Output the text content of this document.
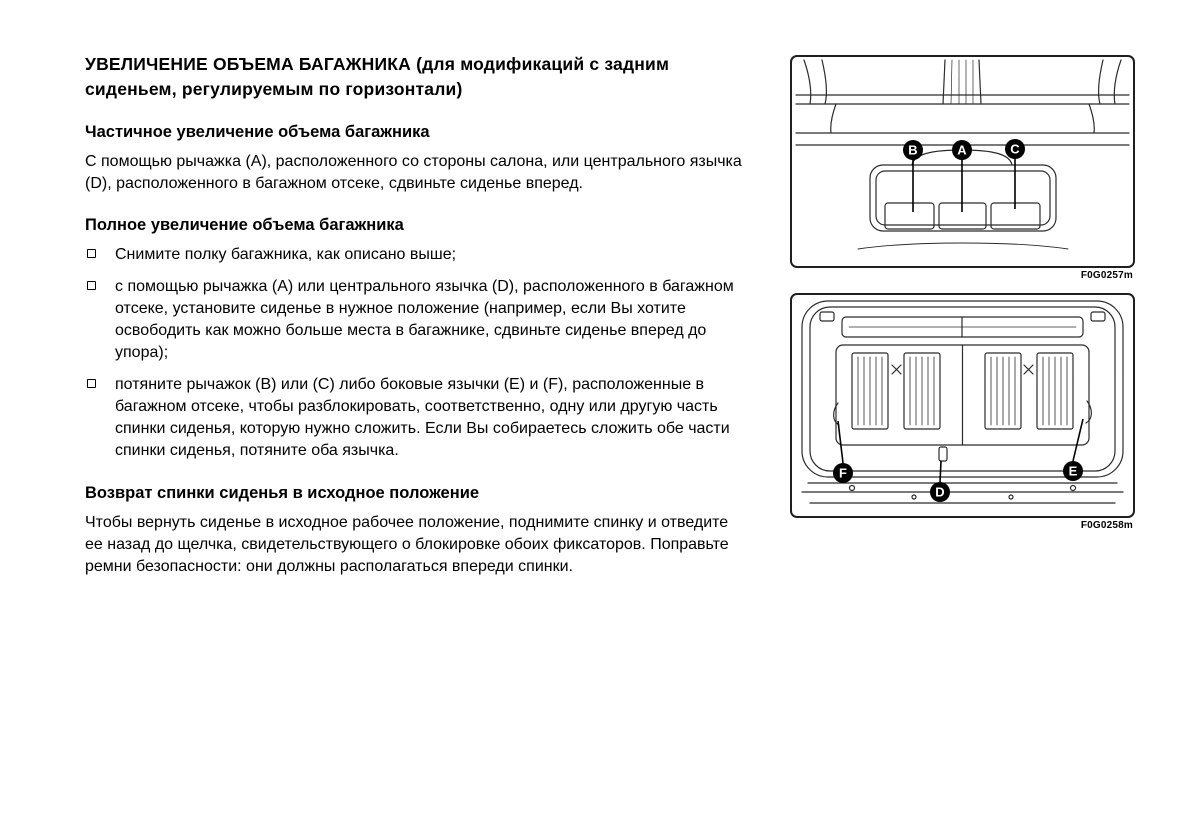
УВЕЛИЧЕНИЕ ОБЪЕМА БАГАЖНИКА (для модификаций с задним сиденьем, регулируемым по горизонтали)
Частичное увеличение объема багажника

С помощью рычажка (А), расположенного со стороны салона, или центрального язычка (D), расположенного в багажном отсеке, сдвиньте сиденье вперед.

Полное увеличение объема багажника
Снимите полку багажника, как описано выше;
с помощью рычажка (A) или центрального язычка (D), расположенного в багажном отсеке, установите сиденье в нужное положение (например, если Вы хотите освободить как можно больше места в багажнике, сдвиньте сиденье вперед до упора);
потяните рычажок (B) или (C) либо боковые язычки (E) и (F), расположенные в багажном отсеке, чтобы разблокировать, соответственно, одну или другую часть спинки сиденья, которую нужно сложить. Если Вы собираетесь сложить обе части спинки сиденья, потяните оба язычка.
Возврат спинки сиденья в исходное положение

Чтобы вернуть сиденье в исходное рабочее положение, поднимите спинку и отведите ее назад до щелчка, свидетельствующего о блокировке обоих фиксаторов. Поправьте ремни безопасности: они должны располагаться впереди спинки.

B	A	C
F0G0257m
F
D
E
F0G0258m
